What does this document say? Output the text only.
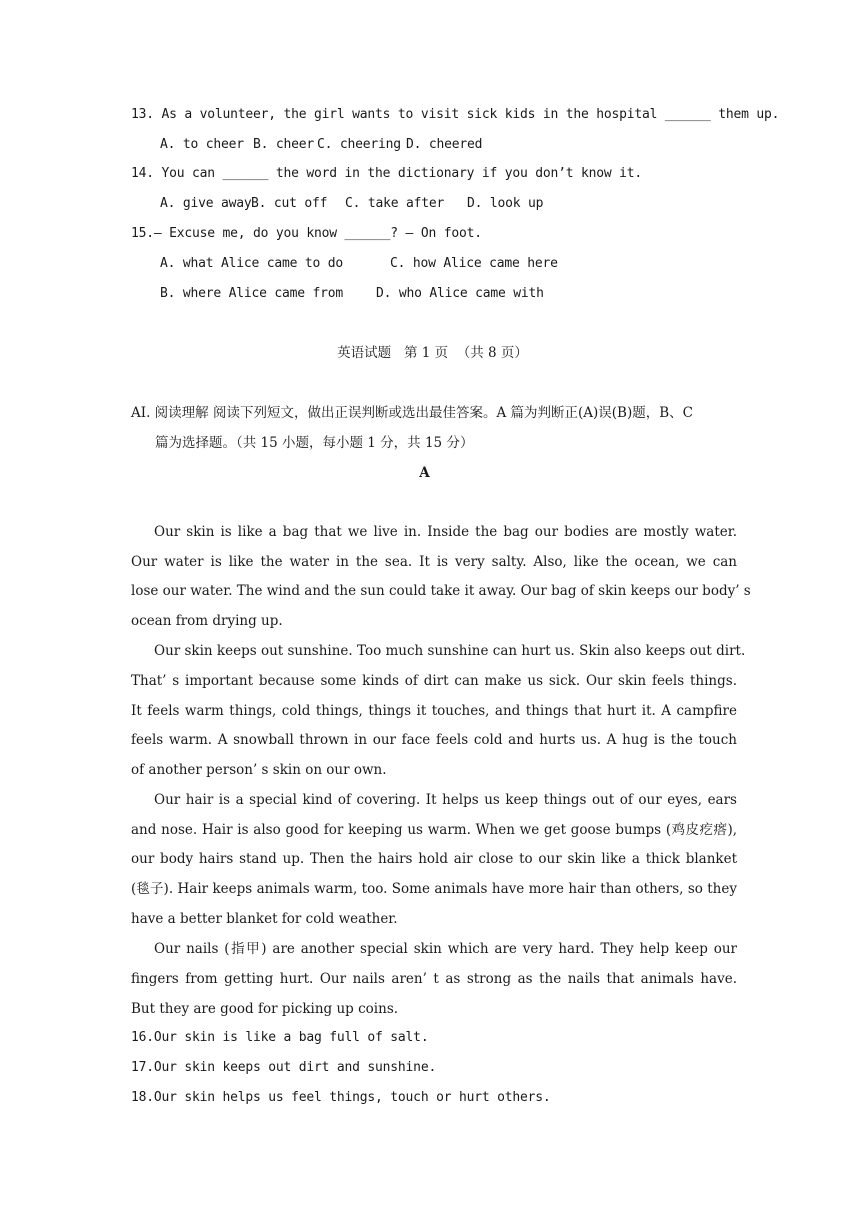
13. As a volunteer, the girl wants to visit sick kids in the hospital ______ them up.
A. to cheer B. cheer C. cheering D. cheered
14. You can ______ the word in the dictionary if you don’t know it.
A. give away B. cut off C. take after D. look up
15.— Excuse me, do you know ______? — On foot.
A. what Alice came to do	C. how Alice came here
B. where Alice came from	D. who Alice came with
英语试题   第 1 页  （共 8 页）
AI. 阅读理解 阅读下列短文，做出正误判断或选出最佳答案。A 篇为判断正(A)误(B)题，B、C
篇为选择题。（共 15 小题，每小题 1 分，共 15 分）
A
Our skin is like a bag that we live in. Inside the bag our bodies are mostly water.
Our water is like the water in the sea. It is very salty. Also, like the ocean, we can
lose our water. The wind and the sun could take it away. Our bag of skin keeps our body’ s
ocean from drying up.
Our skin keeps out sunshine. Too much sunshine can hurt us. Skin also keeps out dirt.
That’ s important because some kinds of dirt can make us sick. Our skin feels things.
It feels warm things, cold things, things it touches, and things that hurt it. A campfire
feels warm. A snowball thrown in our face feels cold and hurts us. A hug is the touch
of another person’ s skin on our own.
Our hair is a special kind of covering. It helps us keep things out of our eyes, ears
and nose. Hair is also good for keeping us warm. When we get goose bumps (鸡皮疙瘩),
our body hairs stand up. Then the hairs hold air close to our skin like a thick blanket
(毯子). Hair keeps animals warm, too. Some animals have more hair than others, so they
have a better blanket for cold weather.
Our nails (指甲) are another special skin which are very hard. They help keep our
fingers from getting hurt. Our nails aren’ t as strong as the nails that animals have.
But they are good for picking up coins.
16.Our skin is like a bag full of salt.
17.Our skin keeps out dirt and sunshine.
18.Our skin helps us feel things, touch or hurt others.
